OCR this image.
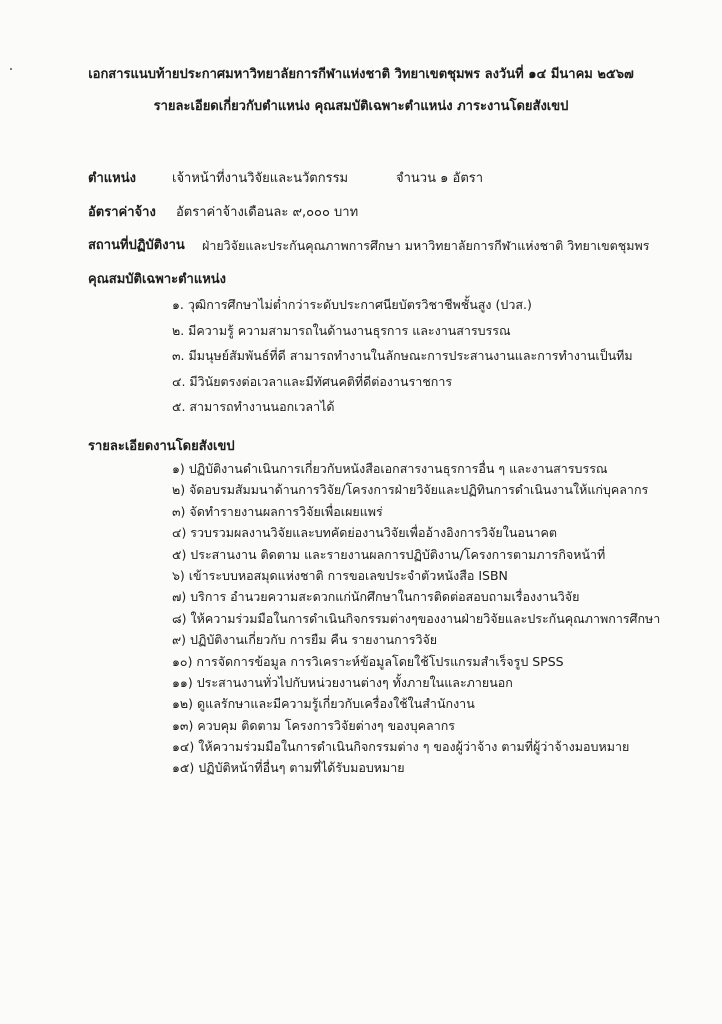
เอกสารแนบท้ายประกาศมหาวิทยาลัยการกีฬาแห่งชาติ วิทยาเขตชุมพร ลงวันที่ ๑๔ มีนาคม ๒๕๖๗
รายละเอียดเกี่ยวกับตำแหน่ง คุณสมบัติเฉพาะตำแหน่ง ภาระงานโดยสังเขป
ตำแหน่ง	เจ้าหน้าที่งานวิจัยและนวัตกรรม	จำนวน ๑ อัตรา
อัตราค่าจ้าง อัตราค่าจ้างเดือนละ ๙,๐๐๐ บาท
สถานที่ปฏิบัติงาน ฝ่ายวิจัยและประกันคุณภาพการศึกษา มหาวิทยาลัยการกีฬาแห่งชาติ วิทยาเขตชุมพร
คุณสมบัติเฉพาะตำแหน่ง
๑. วุฒิการศึกษาไม่ต่ำกว่าระดับประกาศนียบัตรวิชาชีพชั้นสูง (ปวส.)
๒. มีความรู้ ความสามารถในด้านงานธุรการ และงานสารบรรณ
๓. มีมนุษย์สัมพันธ์ที่ดี สามารถทำงานในลักษณะการประสานงานและการทำงานเป็นทีม
๔. มีวินัยตรงต่อเวลาและมีทัศนคติที่ดีต่องานราชการ
๕. สามารถทำงานนอกเวลาได้
รายละเอียดงานโดยสังเขป
๑) ปฏิบัติงานดำเนินการเกี่ยวกับหนังสือเอกสารงานธุรการอื่น ๆ และงานสารบรรณ
๒) จัดอบรมสัมมนาด้านการวิจัย/โครงการฝ่ายวิจัยและปฏิทินการดำเนินงานให้แก่บุคลากร
๓) จัดทำรายงานผลการวิจัยเพื่อเผยแพร่
๔) รวบรวมผลงานวิจัยและบทคัดย่องานวิจัยเพื่ออ้างอิงการวิจัยในอนาคต
๕) ประสานงาน ติดตาม และรายงานผลการปฏิบัติงาน/โครงการตามภารกิจหน้าที่
๖) เข้าระบบหอสมุดแห่งชาติ การขอเลขประจำตัวหนังสือ ISBN
๗) บริการ อำนวยความสะดวกแก่นักศึกษาในการติดต่อสอบถามเรื่องงานวิจัย
๘) ให้ความร่วมมือในการดำเนินกิจกรรมต่างๆของงานฝ่ายวิจัยและประกันคุณภาพการศึกษา
๙) ปฏิบัติงานเกี่ยวกับ การยืม คืน รายงานการวิจัย
๑๐) การจัดการข้อมูล การวิเคราะห์ข้อมูลโดยใช้โปรแกรมสำเร็จรูป SPSS
๑๑) ประสานงานทั่วไปกับหน่วยงานต่างๆ ทั้งภายในและภายนอก
๑๒) ดูแลรักษาและมีความรู้เกี่ยวกับเครื่องใช้ในสำนักงาน
๑๓) ควบคุม ติดตาม โครงการวิจัยต่างๆ ของบุคลากร
๑๔) ให้ความร่วมมือในการดำเนินกิจกรรมต่าง ๆ ของผู้ว่าจ้าง ตามที่ผู้ว่าจ้างมอบหมาย
๑๕) ปฏิบัติหน้าที่อื่นๆ ตามที่ได้รับมอบหมาย
